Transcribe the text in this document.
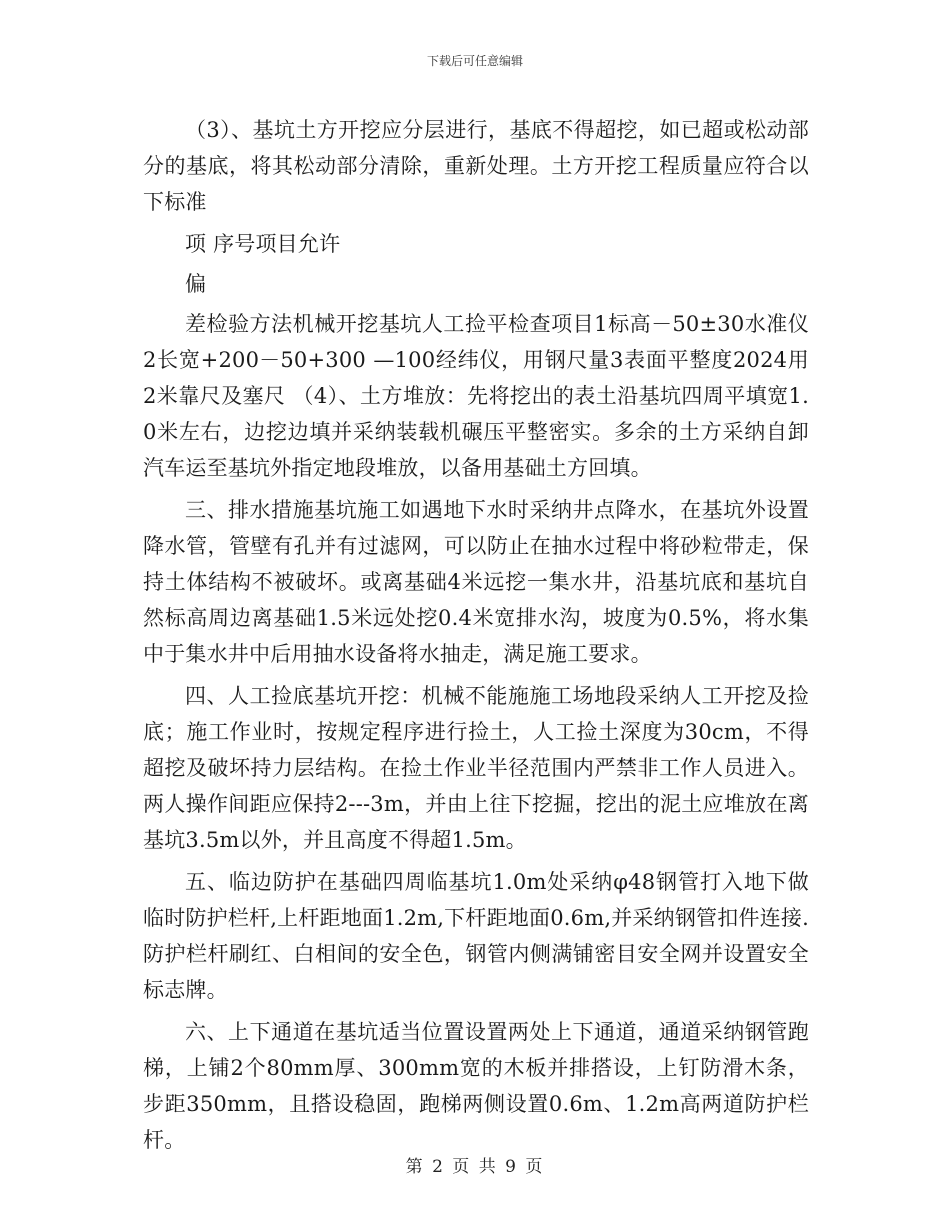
下载后可任意编辑

（3）、基坑土方开挖应分层进行，基底不得超挖，如已超或松动部分的基底，将其松动部分清除，重新处理。土方开挖工程质量应符合以下标准

项 序号项目允许

偏

差检验方法机械开挖基坑人工捡平检查项目1标高－50±30水准仪2长宽+200－50+300 —100经纬仪，用钢尺量3表面平整度2024用2米靠尺及塞尺 （4）、土方堆放：先将挖出的表土沿基坑四周平填宽1.0米左右，边挖边填并采纳装载机碾压平整密实。多余的土方采纳自卸汽车运至基坑外指定地段堆放，以备用基础土方回填。

三、排水措施基坑施工如遇地下水时采纳井点降水，在基坑外设置降水管，管壁有孔并有过滤网，可以防止在抽水过程中将砂粒带走，保持土体结构不被破坏。或离基础4米远挖一集水井，沿基坑底和基坑自然标高周边离基础1.5米远处挖0.4米宽排水沟，坡度为0.5%，将水集中于集水井中后用抽水设备将水抽走，满足施工要求。

四、人工捡底基坑开挖：机械不能施施工场地段采纳人工开挖及捡底；施工作业时，按规定程序进行捡土，人工捡土深度为30cm，不得超挖及破坏持力层结构。在捡土作业半径范围内严禁非工作人员进入。两人操作间距应保持2---3m，并由上往下挖掘，挖出的泥土应堆放在离基坑3.5m以外，并且高度不得超1.5m。

五、临边防护在基础四周临基坑1.0m处采纳φ48钢管打入地下做临时防护栏杆,上杆距地面1.2m,下杆距地面0.6m,并采纳钢管扣件连接.防护栏杆刷红、白相间的安全色，钢管内侧满铺密目安全网并设置安全标志牌。

六、上下通道在基坑适当位置设置两处上下通道，通道采纳钢管跑梯，上铺2个80mm厚、300mm宽的木板并排搭设，上钉防滑木条，步距350mm，且搭设稳固，跑梯两侧设置0.6m、1.2m高两道防护栏杆。

第 2 页 共 9 页
